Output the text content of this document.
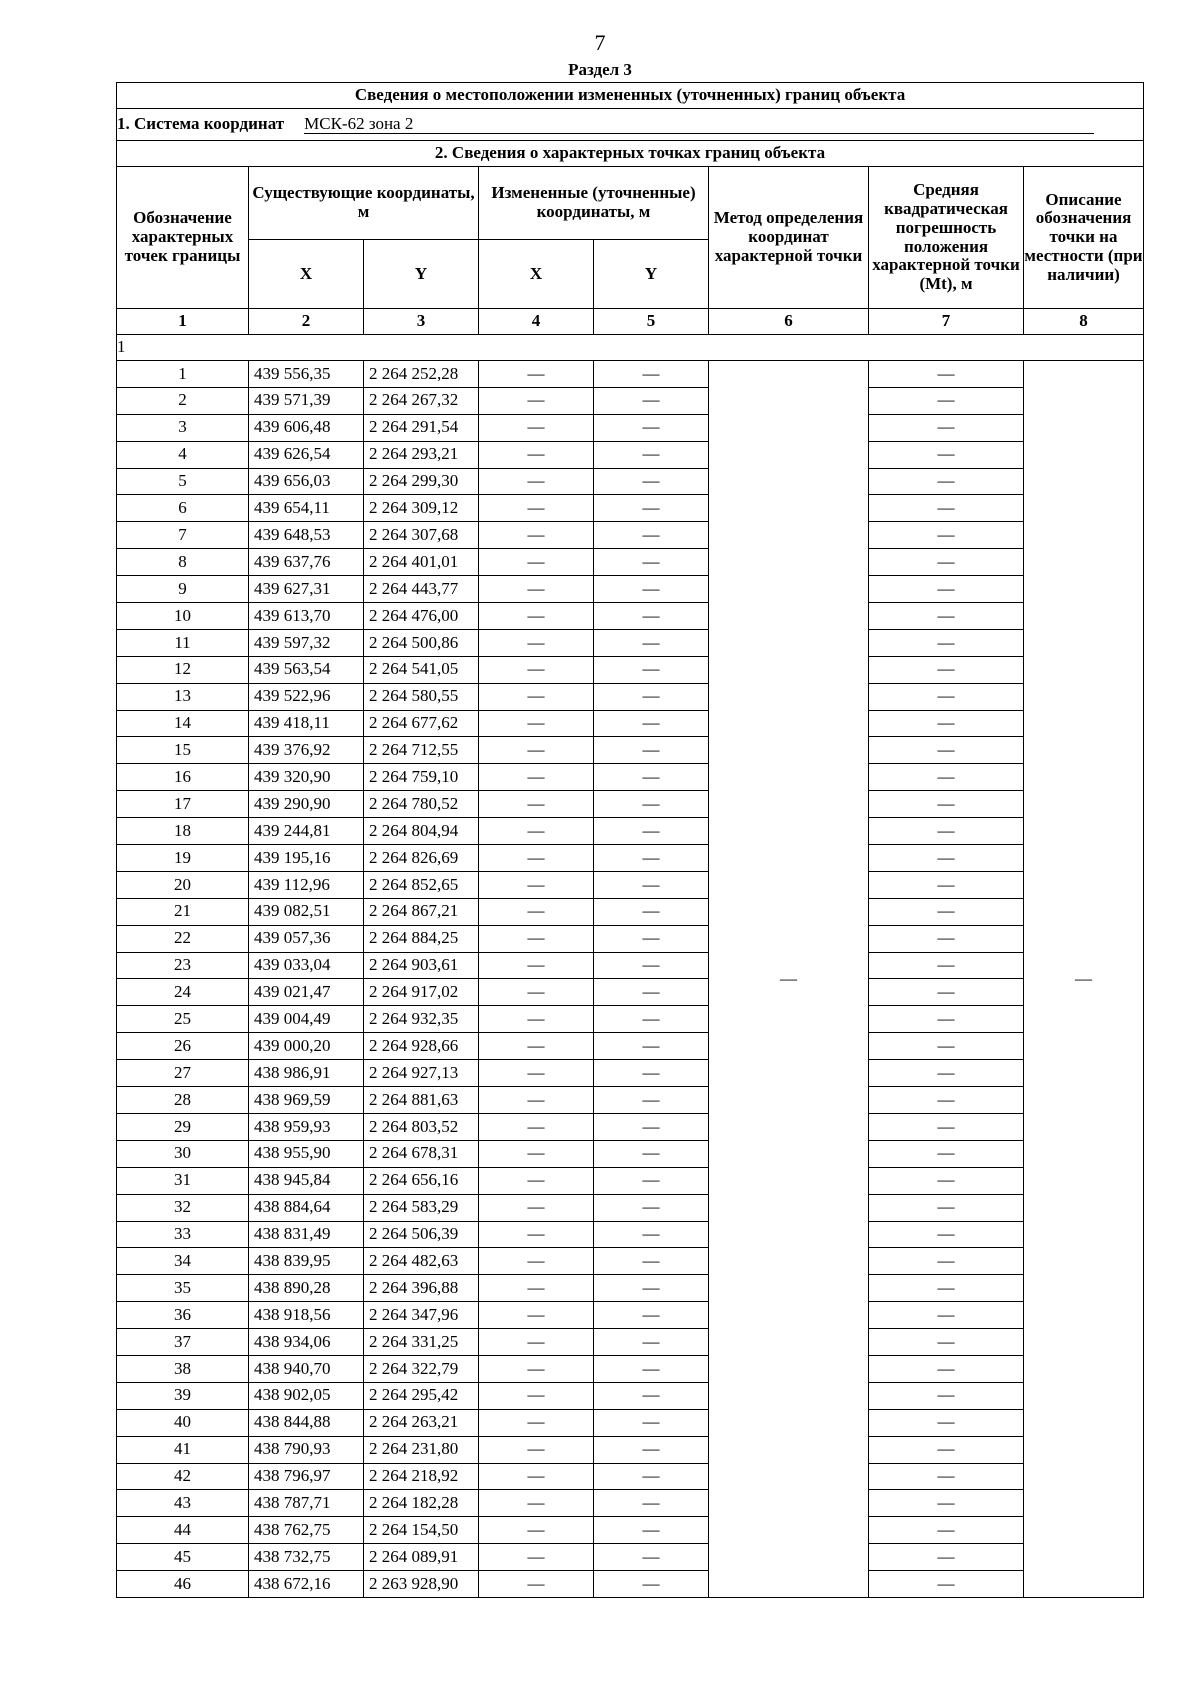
7
Раздел 3
Сведения о местоположении измененных (уточненных) границ объекта							
1. Система координат МСК-62 зона 2							
2. Сведения о характерных точках границ объекта							
Обозначение характерных точек границы	Существующие координаты, м		Измененные (уточненные) координаты, м		Метод определения координат характерной точки	Средняя квадратическая погрешность положения характерной точки (Mt), м	Описание обозначения точки на местности (при наличии)
	X	Y	X	Y			
1	2	3	4	5	6	7	8
1							
1	439 556,35	2 264 252,28	—	—	—	—	—
2	439 571,39	2 264 267,32	—	—		—	
3	439 606,48	2 264 291,54	—	—		—	
4	439 626,54	2 264 293,21	—	—		—	
5	439 656,03	2 264 299,30	—	—		—	
6	439 654,11	2 264 309,12	—	—		—	
7	439 648,53	2 264 307,68	—	—		—	
8	439 637,76	2 264 401,01	—	—		—	
9	439 627,31	2 264 443,77	—	—		—	
10	439 613,70	2 264 476,00	—	—		—	
11	439 597,32	2 264 500,86	—	—		—	
12	439 563,54	2 264 541,05	—	—		—	
13	439 522,96	2 264 580,55	—	—		—	
14	439 418,11	2 264 677,62	—	—		—	
15	439 376,92	2 264 712,55	—	—		—	
16	439 320,90	2 264 759,10	—	—		—	
17	439 290,90	2 264 780,52	—	—		—	
18	439 244,81	2 264 804,94	—	—		—	
19	439 195,16	2 264 826,69	—	—		—	
20	439 112,96	2 264 852,65	—	—		—	
21	439 082,51	2 264 867,21	—	—		—	
22	439 057,36	2 264 884,25	—	—		—	
23	439 033,04	2 264 903,61	—	—		—	
24	439 021,47	2 264 917,02	—	—		—	
25	439 004,49	2 264 932,35	—	—		—	
26	439 000,20	2 264 928,66	—	—		—	
27	438 986,91	2 264 927,13	—	—		—	
28	438 969,59	2 264 881,63	—	—		—	
29	438 959,93	2 264 803,52	—	—		—	
30	438 955,90	2 264 678,31	—	—		—	
31	438 945,84	2 264 656,16	—	—		—	
32	438 884,64	2 264 583,29	—	—		—	
33	438 831,49	2 264 506,39	—	—		—	
34	438 839,95	2 264 482,63	—	—		—	
35	438 890,28	2 264 396,88	—	—		—	
36	438 918,56	2 264 347,96	—	—		—	
37	438 934,06	2 264 331,25	—	—		—	
38	438 940,70	2 264 322,79	—	—		—	
39	438 902,05	2 264 295,42	—	—		—	
40	438 844,88	2 264 263,21	—	—		—	
41	438 790,93	2 264 231,80	—	—		—	
42	438 796,97	2 264 218,92	—	—		—	
43	438 787,71	2 264 182,28	—	—		—	
44	438 762,75	2 264 154,50	—	—		—	
45	438 732,75	2 264 089,91	—	—		—	
46	438 672,16	2 263 928,90	—	—		—	
